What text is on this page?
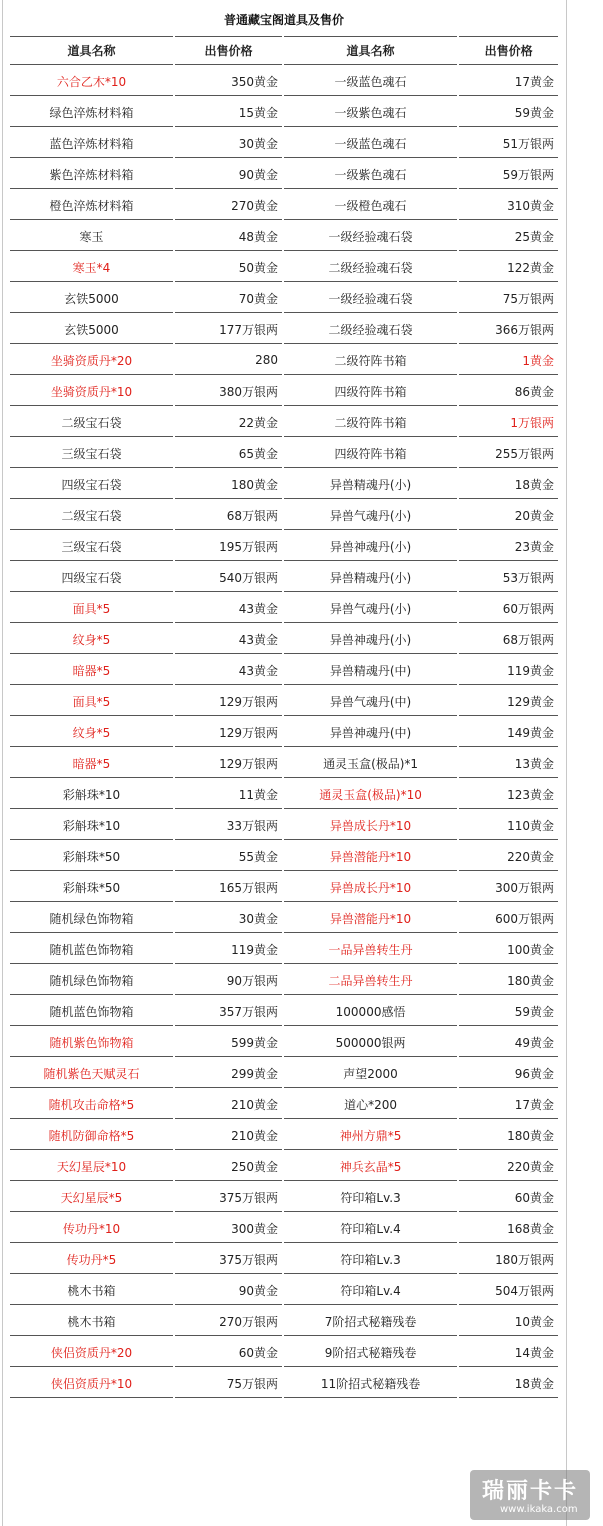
普通藏宝阁道具及售价
道具名称	出售价格	道具名称	出售价格
六合乙木*10	350黄金	一级蓝色魂石	17黄金
绿色淬炼材料箱	15黄金	一级紫色魂石	59黄金
蓝色淬炼材料箱	30黄金	一级蓝色魂石	51万银两
紫色淬炼材料箱	90黄金	一级紫色魂石	59万银两
橙色淬炼材料箱	270黄金	一级橙色魂石	310黄金
寒玉	48黄金	一级经验魂石袋	25黄金
寒玉*4	50黄金	二级经验魂石袋	122黄金
玄铁5000	70黄金	一级经验魂石袋	75万银两
玄铁5000	177万银两	二级经验魂石袋	366万银两
坐骑资质丹*20	280	二级符阵书箱	1黄金
坐骑资质丹*10	380万银两	四级符阵书箱	86黄金
二级宝石袋	22黄金	二级符阵书箱	1万银两
三级宝石袋	65黄金	四级符阵书箱	255万银两
四级宝石袋	180黄金	异兽精魂丹(小)	18黄金
二级宝石袋	68万银两	异兽气魂丹(小)	20黄金
三级宝石袋	195万银两	异兽神魂丹(小)	23黄金
四级宝石袋	540万银两	异兽精魂丹(小)	53万银两
面具*5	43黄金	异兽气魂丹(小)	60万银两
纹身*5	43黄金	异兽神魂丹(小)	68万银两
暗器*5	43黄金	异兽精魂丹(中)	119黄金
面具*5	129万银两	异兽气魂丹(中)	129黄金
纹身*5	129万银两	异兽神魂丹(中)	149黄金
暗器*5	129万银两	通灵玉盒(极品)*1	13黄金
彩斛珠*10	11黄金	通灵玉盒(极品)*10	123黄金
彩斛珠*10	33万银两	异兽成长丹*10	110黄金
彩斛珠*50	55黄金	异兽潜能丹*10	220黄金
彩斛珠*50	165万银两	异兽成长丹*10	300万银两
随机绿色饰物箱	30黄金	异兽潜能丹*10	600万银两
随机蓝色饰物箱	119黄金	一品异兽转生丹	100黄金
随机绿色饰物箱	90万银两	二品异兽转生丹	180黄金
随机蓝色饰物箱	357万银两	100000感悟	59黄金
随机紫色饰物箱	599黄金	500000银两	49黄金
随机紫色天赋灵石	299黄金	声望2000	96黄金
随机攻击命格*5	210黄金	道心*200	17黄金
随机防御命格*5	210黄金	神州方鼎*5	180黄金
天幻星辰*10	250黄金	神兵玄晶*5	220黄金
天幻星辰*5	375万银两	符印箱Lv.3	60黄金
传功丹*10	300黄金	符印箱Lv.4	168黄金
传功丹*5	375万银两	符印箱Lv.3	180万银两
桃木书箱	90黄金	符印箱Lv.4	504万银两
桃木书箱	270万银两	7阶招式秘籍残卷	10黄金
侠侣资质丹*20	60黄金	9阶招式秘籍残卷	14黄金
侠侣资质丹*10	75万银两	11阶招式秘籍残卷	18黄金
瑞丽卡卡
www.ikaka.com
